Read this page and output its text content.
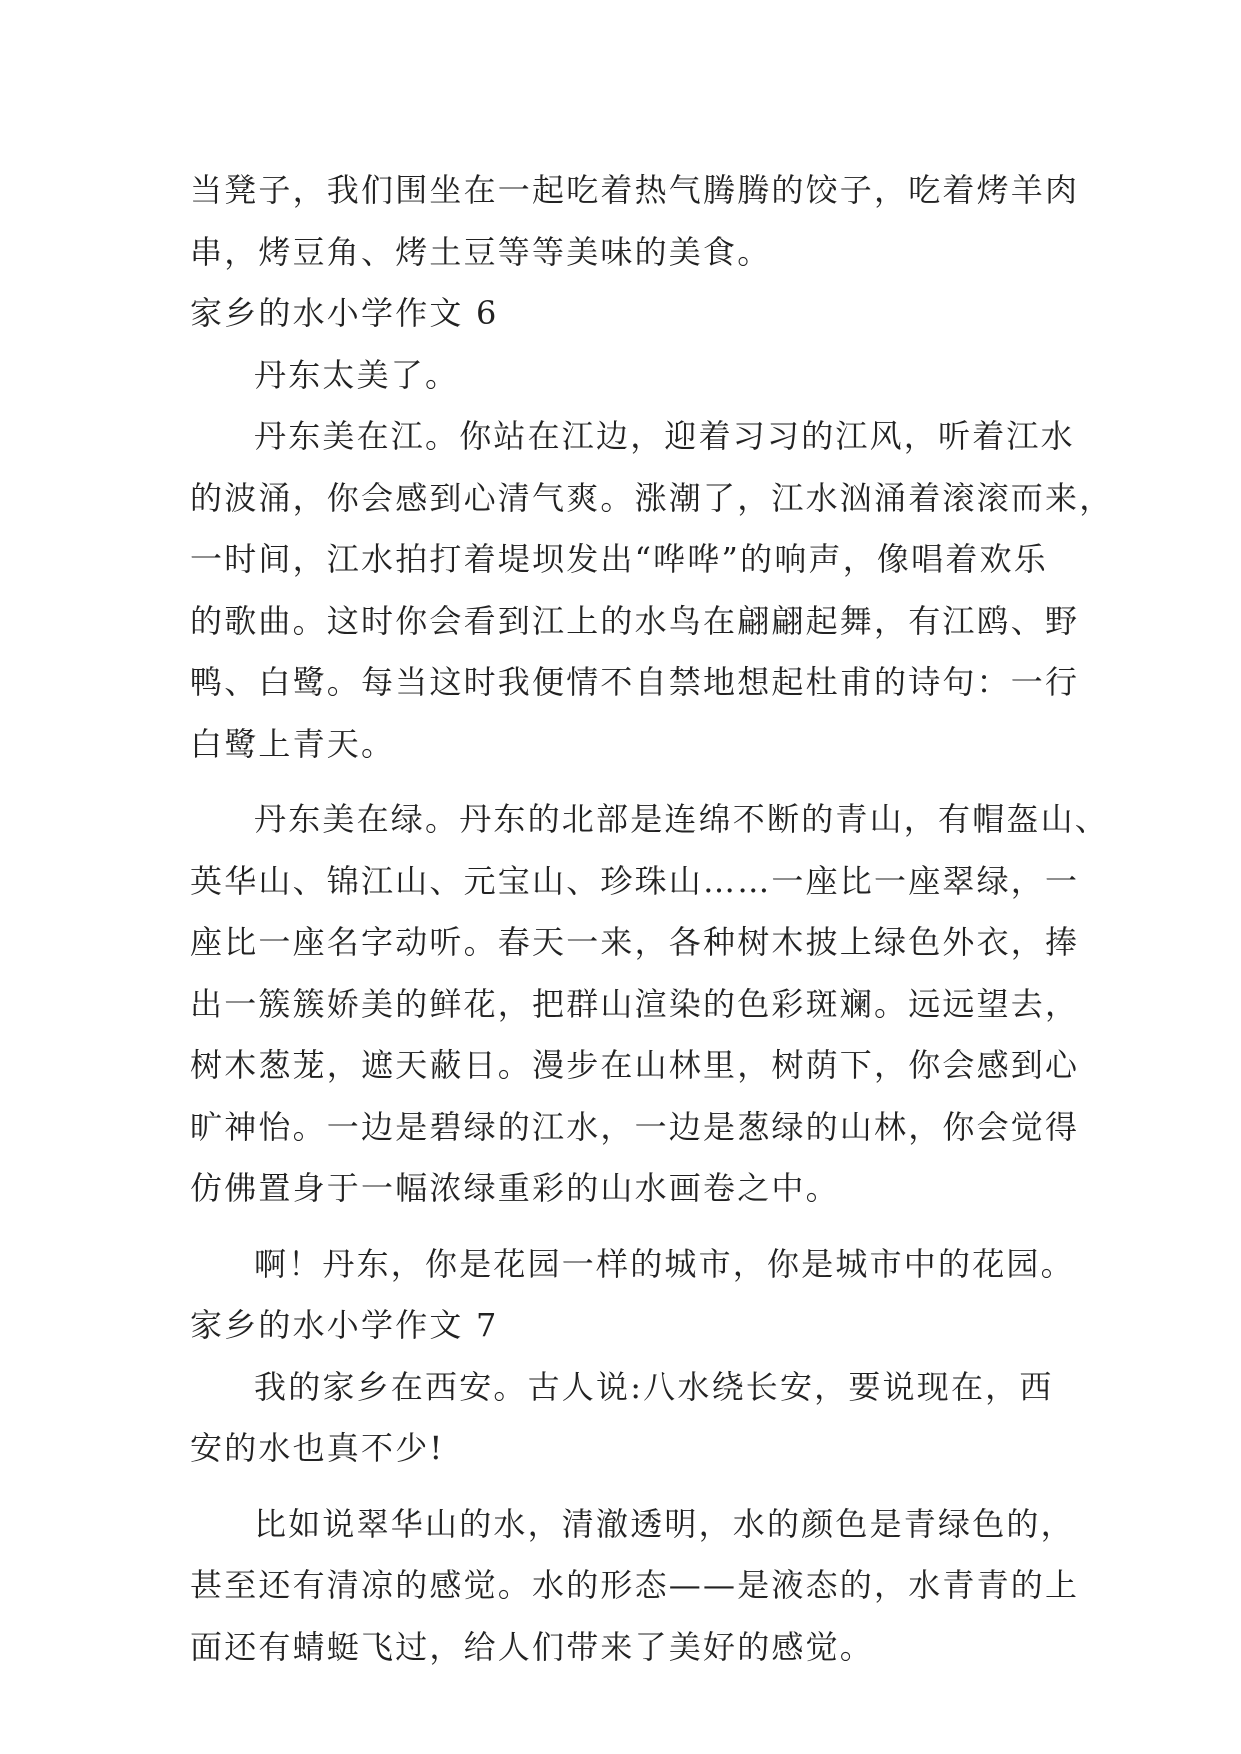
当凳子，我们围坐在一起吃着热气腾腾的饺子，吃着烤羊肉
串，烤豆角、烤土豆等等美味的美食。
家乡的水小学作文 6
丹东太美了。
丹东美在江。你站在江边，迎着习习的江风，听着江水
的波涌，你会感到心清气爽。涨潮了，江水汹涌着滚滚而来，
一时间，江水拍打着堤坝发出“哗哗”的响声，像唱着欢乐
的歌曲。这时你会看到江上的水鸟在翩翩起舞，有江鸥、野
鸭、白鹭。每当这时我便情不自禁地想起杜甫的诗句：一行
白鹭上青天。
丹东美在绿。丹东的北部是连绵不断的青山，有帽盔山、
英华山、锦江山、元宝山、珍珠山……一座比一座翠绿，一
座比一座名字动听。春天一来，各种树木披上绿色外衣，捧
出一簇簇娇美的鲜花，把群山渲染的色彩斑斓。远远望去，
树木葱茏，遮天蔽日。漫步在山林里，树荫下，你会感到心
旷神怡。一边是碧绿的江水，一边是葱绿的山林，你会觉得
仿佛置身于一幅浓绿重彩的山水画卷之中。
啊！丹东，你是花园一样的城市，你是城市中的花园。
家乡的水小学作文 7
我的家乡在西安。古人说:八水绕长安，要说现在，西
安的水也真不少!
比如说翠华山的水，清澈透明，水的颜色是青绿色的，
甚至还有清凉的感觉。水的形态——是液态的，水青青的上
面还有蜻蜓飞过，给人们带来了美好的感觉。
